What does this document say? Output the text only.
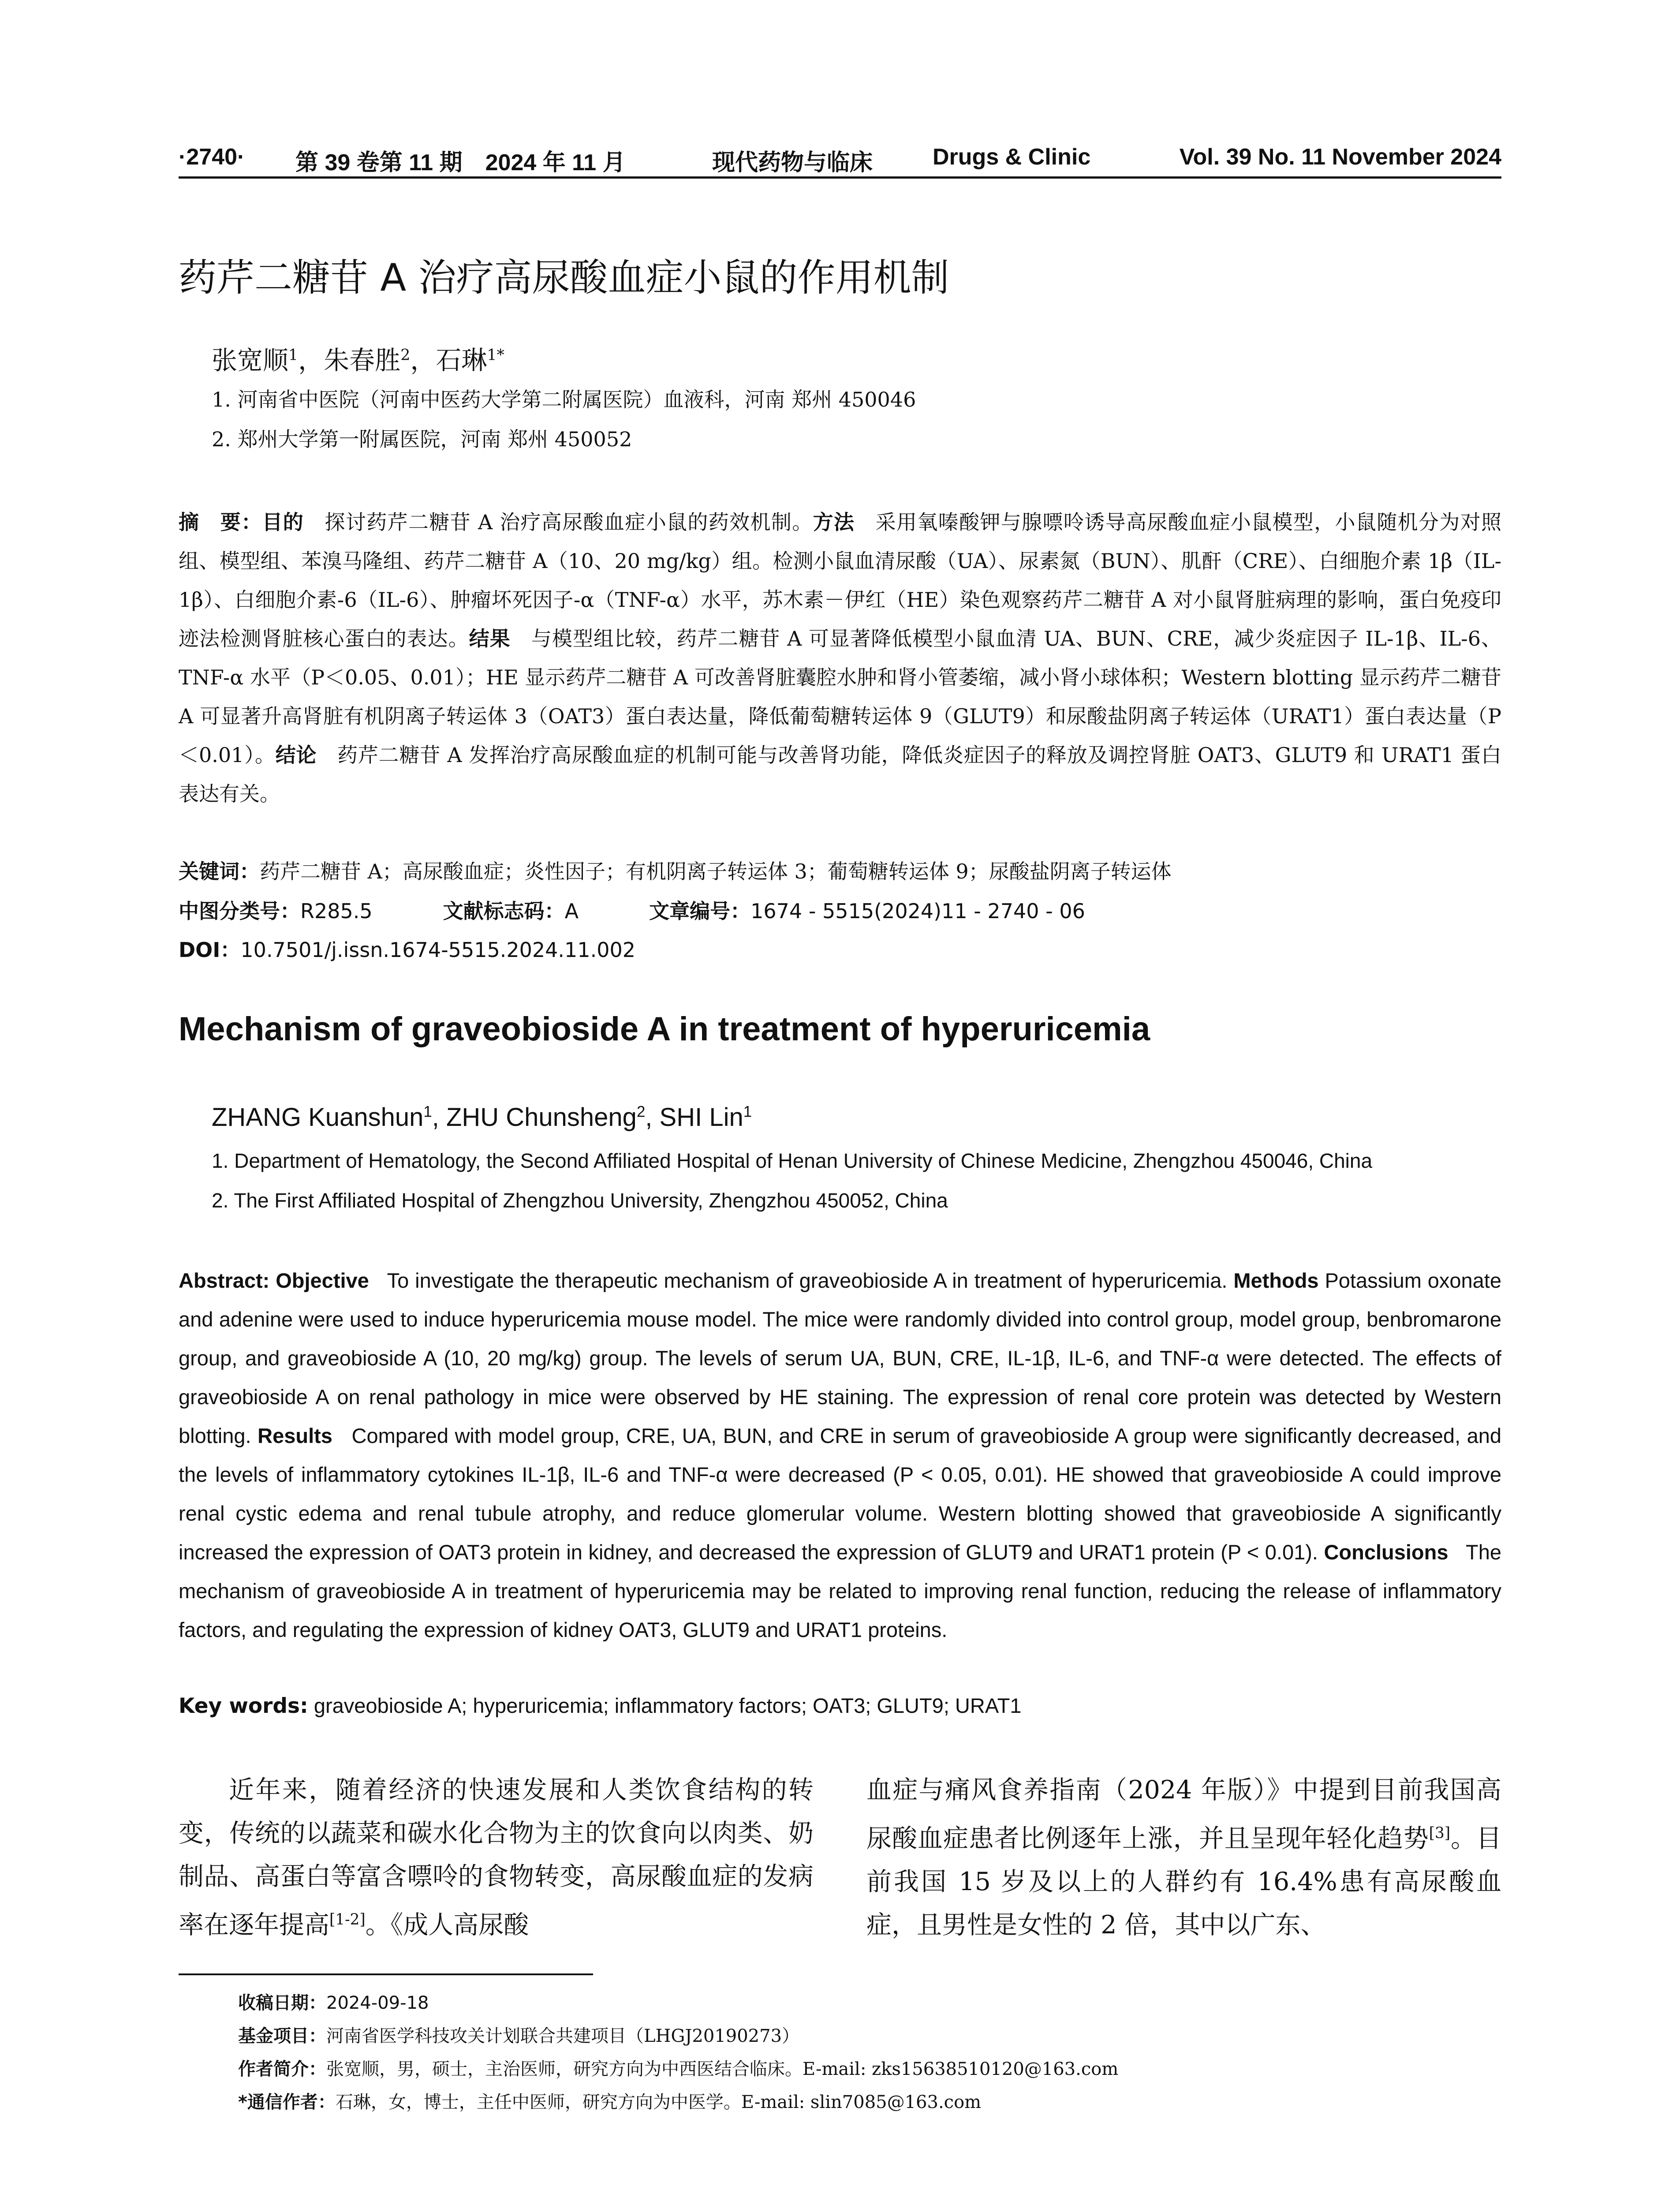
·2740· 第 39 卷第 11 期　2024 年 11 月	现代药物与临床	Drugs & Clinic	Vol. 39 No. 11 November 2024
药芹二糖苷 A 治疗高尿酸血症小鼠的作用机制
张宽顺$^1$，朱春胜$^2$，石琳$^{1*}$
1. 河南省中医院（河南中医药大学第二附属医院）血液科，河南 郑州 450046
2. 郑州大学第一附属医院，河南 郑州 450052

摘　要：目的　 探讨药芹二糖苷 A 治疗高尿酸血症小鼠的药效机制。方法　 采用氧嗪酸钾与腺嘌呤诱导高尿酸血症小鼠模型，小鼠随机分为对照组、模型组、苯溴马隆组、药芹二糖苷 A（10、20 mg/kg）组。检测小鼠血清尿酸（UA）、尿素氮（BUN）、肌酐（CRE）、白细胞介素 1β（IL-1β）、白细胞介素-6（IL-6）、肿瘤坏死因子-α（TNF-α）水平，苏木素－伊红（HE）染色观察药芹二糖苷 A 对小鼠肾脏病理的影响，蛋白免疫印迹法检测肾脏核心蛋白的表达。结果　 与模型组比较，药芹二糖苷 A 可显著降低模型小鼠血清 UA、BUN、CRE，减少炎症因子 IL-1β、IL-6、TNF-α 水平（P＜0.05、0.01）；HE 显示药芹二糖苷 A 可改善肾脏囊腔水肿和肾小管萎缩，减小肾小球体积；Western blotting 显示药芹二糖苷 A 可显著升高肾脏有机阴离子转运体 3（OAT3）蛋白表达量，降低葡萄糖转运体 9（GLUT9）和尿酸盐阴离子转运体（URAT1）蛋白表达量（P＜0.01）。结论　 药芹二糖苷 A 发挥治疗高尿酸血症的机制可能与改善肾功能，降低炎症因子的释放及调控肾脏 OAT3、GLUT9 和 URAT1 蛋白表达有关。

关键词：药芹二糖苷 A；高尿酸血症；炎性因子；有机阴离子转运体 3；葡萄糖转运体 9；尿酸盐阴离子转运体
中图分类号：R285.5	文献标志码：A	文章编号：1674 - 5515(2024)11 - 2740 - 06
DOI：10.7501/j.issn.1674-5515.2024.11.002
Mechanism of graveobioside A in treatment of hyperuricemia
ZHANG Kuanshun$^1$, ZHU Chunsheng$^2$, SHI Lin$^1$
1. Department of Hematology, the Second Affiliated Hospital of Henan University of Chinese Medicine, Zhengzhou 450046, China
2. The First Affiliated Hospital of Zhengzhou University, Zhengzhou 450052, China

Abstract: Objective To investigate the therapeutic mechanism of graveobioside A in treatment of hyperuricemia. Methods Potassium oxonate and adenine were used to induce hyperuricemia mouse model. The mice were randomly divided into control group, model group, benbromarone group, and graveobioside A (10, 20 mg/kg) group. The levels of serum UA, BUN, CRE, IL-1β, IL-6, and TNF-α were detected. The effects of graveobioside A on renal pathology in mice were observed by HE staining. The expression of renal core protein was detected by Western blotting. Results Compared with model group, CRE, UA, BUN, and CRE in serum of graveobioside A group were significantly decreased, and the levels of inflammatory cytokines IL-1β, IL-6 and TNF-α were decreased (P < 0.05, 0.01). HE showed that graveobioside A could improve renal cystic edema and renal tubule atrophy, and reduce glomerular volume. Western blotting showed that graveobioside A significantly increased the expression of OAT3 protein in kidney, and decreased the expression of GLUT9 and URAT1 protein (P < 0.01). Conclusions The mechanism of graveobioside A in treatment of hyperuricemia may be related to improving renal function, reducing the release of inflammatory factors, and regulating the expression of kidney OAT3, GLUT9 and URAT1 proteins.

Key words: graveobioside A; hyperuricemia; inflammatory factors; OAT3; GLUT9; URAT1

近年来，随着经济的快速发展和人类饮食结构的转变，传统的以蔬菜和碳水化合物为主的饮食向以肉类、奶制品、高蛋白等富含嘌呤的食物转变，高尿酸血症的发病率在逐年提高[1-2]。《成人高尿酸

血症与痛风食养指南（2024 年版）》中提到目前我国高尿酸血症患者比例逐年上涨，并且呈现年轻化趋势[3]。目前我国 15 岁及以上的人群约有 16.4%患有高尿酸血症，且男性是女性的 2 倍，其中以广东、

收稿日期：2024-09-18
基金项目：河南省医学科技攻关计划联合共建项目（LHGJ20190273）
作者简介：张宽顺，男，硕士，主治医师，研究方向为中西医结合临床。E-mail: zks15638510120@163.com
*通信作者：石琳，女，博士，主任中医师，研究方向为中医学。E-mail: slin7085@163.com
